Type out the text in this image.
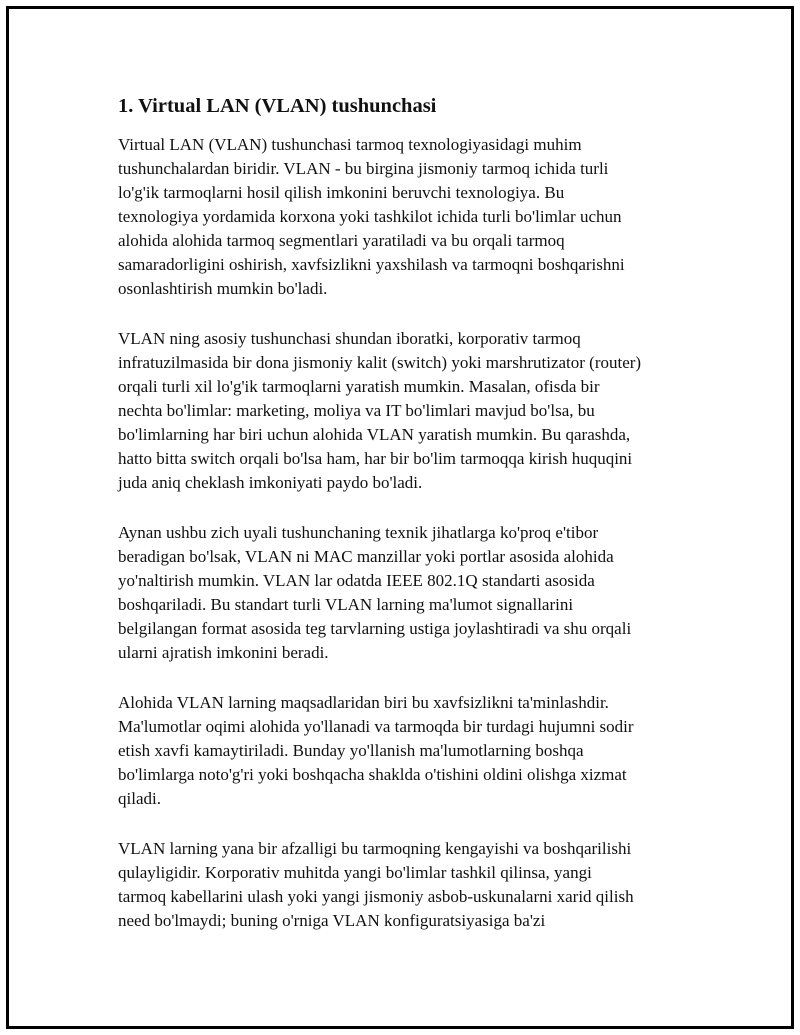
1. Virtual LAN (VLAN) tushunchasi

Virtual LAN (VLAN) tushunchasi tarmoq texnologiyasidagi muhim
tushunchalardan biridir. VLAN - bu birgina jismoniy tarmoq ichida turli
lo'g'ik tarmoqlarni hosil qilish imkonini beruvchi texnologiya. Bu
texnologiya yordamida korxona yoki tashkilot ichida turli bo'limlar uchun
alohida alohida tarmoq segmentlari yaratiladi va bu orqali tarmoq
samaradorligini oshirish, xavfsizlikni yaxshilash va tarmoqni boshqarishni
osonlashtirish mumkin bo'ladi.

VLAN ning asosiy tushunchasi shundan iboratki, korporativ tarmoq
infratuzilmasida bir dona jismoniy kalit (switch) yoki marshrutizator (router)
orqali turli xil lo'g'ik tarmoqlarni yaratish mumkin. Masalan, ofisda bir
nechta bo'limlar: marketing, moliya va IT bo'limlari mavjud bo'lsa, bu
bo'limlarning har biri uchun alohida VLAN yaratish mumkin. Bu qarashda,
hatto bitta switch orqali bo'lsa ham, har bir bo'lim tarmoqqa kirish huquqini
juda aniq cheklash imkoniyati paydo bo'ladi.

Aynan ushbu zich uyali tushunchaning texnik jihatlarga ko'proq e'tibor
beradigan bo'lsak, VLAN ni MAC manzillar yoki portlar asosida alohida
yo'naltirish mumkin. VLAN lar odatda IEEE 802.1Q standarti asosida
boshqariladi. Bu standart turli VLAN larning ma'lumot signallarini
belgilangan format asosida teg tarvlarning ustiga joylashtiradi va shu orqali
ularni ajratish imkonini beradi.

Alohida VLAN larning maqsadlaridan biri bu xavfsizlikni ta'minlashdir.
Ma'lumotlar oqimi alohida yo'llanadi va tarmoqda bir turdagi hujumni sodir
etish xavfi kamaytiriladi. Bunday yo'llanish ma'lumotlarning boshqa
bo'limlarga noto'g'ri yoki boshqacha shaklda o'tishini oldini olishga xizmat
qiladi.

VLAN larning yana bir afzalligi bu tarmoqning kengayishi va boshqarilishi
qulayligidir. Korporativ muhitda yangi bo'limlar tashkil qilinsa, yangi
tarmoq kabellarini ulash yoki yangi jismoniy asbob-uskunalarni xarid qilish
need bo'lmaydi; buning o'rniga VLAN konfiguratsiyasiga ba'zi
